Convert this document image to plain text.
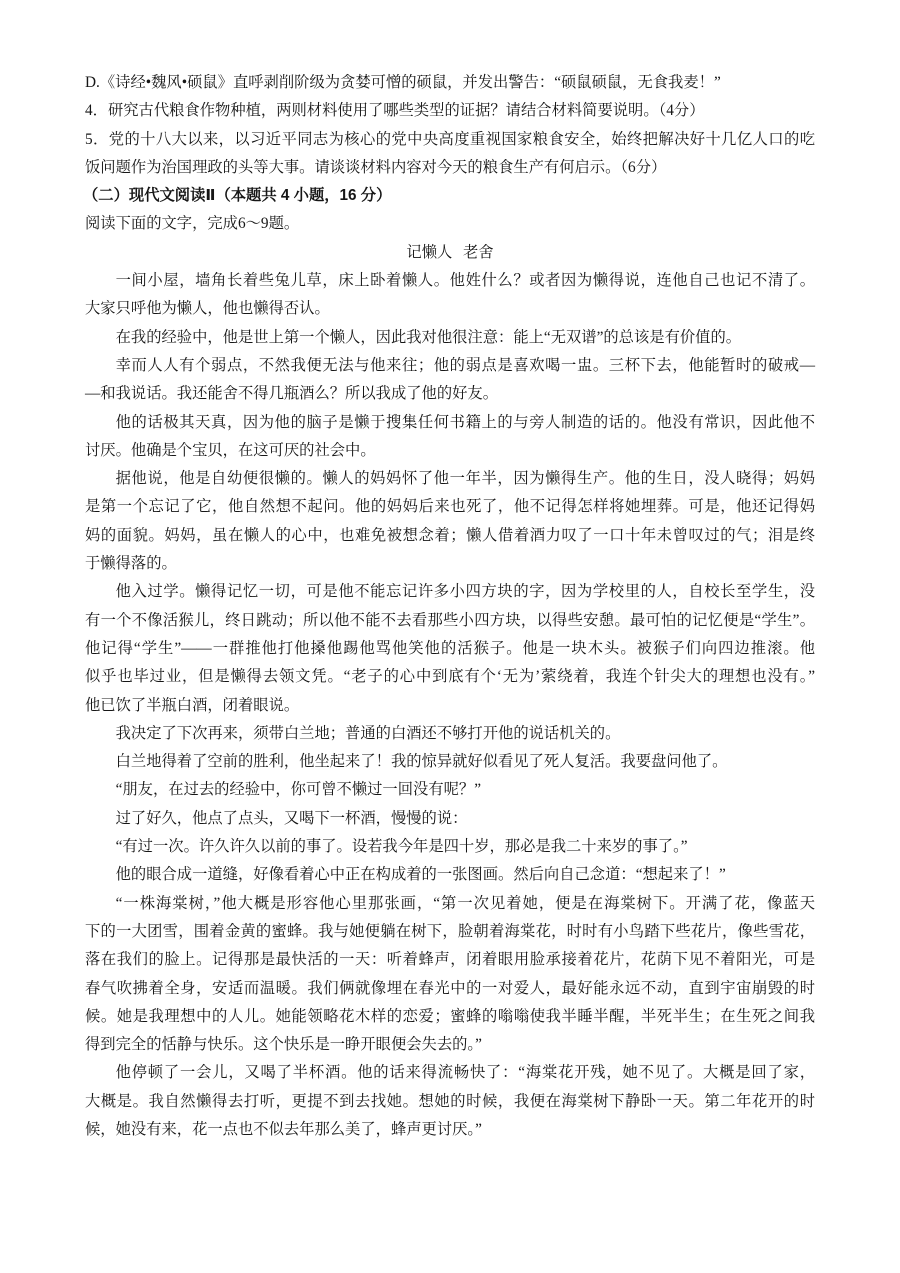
D.《诗经•魏风•硕鼠》直呼剥削阶级为贪婪可憎的硕鼠，并发出警告：“硕鼠硕鼠，无食我麦！”
4．研究古代粮食作物种植，两则材料使用了哪些类型的证据？请结合材料简要说明。（4分）
5．党的十八大以来，以习近平同志为核心的党中央高度重视国家粮食安全，始终把解决好十几亿人口的吃
饭问题作为治国理政的头等大事。请谈谈材料内容对今天的粮食生产有何启示。（6分）
（二）现代文阅读Ⅱ（本题共 4 小题，16 分）
阅读下面的文字，完成6～9题。
记懒人 老舍
一间小屋，墙角长着些兔儿草，床上卧着懒人。他姓什么？或者因为懒得说，连他自己也记不清了。
大家只呼他为懒人，他也懒得否认。
在我的经验中，他是世上第一个懒人，因此我对他很注意：能上“无双谱”的总该是有价值的。
幸而人人有个弱点，不然我便无法与他来往；他的弱点是喜欢喝一盅。三杯下去，他能暂时的破戒—
—和我说话。我还能舍不得几瓶酒么？所以我成了他的好友。
他的话极其天真，因为他的脑子是懒于搜集任何书籍上的与旁人制造的话的。他没有常识，因此他不
讨厌。他确是个宝贝，在这可厌的社会中。
据他说，他是自幼便很懒的。懒人的妈妈怀了他一年半，因为懒得生产。他的生日，没人晓得；妈妈
是第一个忘记了它，他自然想不起问。他的妈妈后来也死了，他不记得怎样将她埋葬。可是，他还记得妈
妈的面貌。妈妈，虽在懒人的心中，也难免被想念着；懒人借着酒力叹了一口十年未曾叹过的气；泪是终
于懒得落的。
他入过学。懒得记忆一切，可是他不能忘记许多小四方块的字，因为学校里的人，自校长至学生，没
有一个不像活猴儿，终日跳动；所以他不能不去看那些小四方块，以得些安憩。最可怕的记忆便是“学生”。
他记得“学生”——一群推他打他搡他踢他骂他笑他的活猴子。他是一块木头。被猴子们向四边推滚。他
似乎也毕过业，但是懒得去领文凭。“老子的心中到底有个‘无为’萦绕着，我连个针尖大的理想也没有。”
他已饮了半瓶白酒，闭着眼说。
我决定了下次再来，须带白兰地；普通的白酒还不够打开他的说话机关的。
白兰地得着了空前的胜利，他坐起来了！我的惊异就好似看见了死人复活。我要盘问他了。
“朋友，在过去的经验中，你可曾不懒过一回没有呢？”
过了好久，他点了点头，又喝下一杯酒，慢慢的说：
“有过一次。许久许久以前的事了。设若我今年是四十岁，那必是我二十来岁的事了。”
他的眼合成一道缝，好像看着心中正在构成着的一张图画。然后向自己念道：“想起来了！”
“一株海棠树，”他大概是形容他心里那张画，“第一次见着她，便是在海棠树下。开满了花，像蓝天
下的一大团雪，围着金黄的蜜蜂。我与她便躺在树下，脸朝着海棠花，时时有小鸟踏下些花片，像些雪花，
落在我们的脸上。记得那是最快活的一天：听着蜂声，闭着眼用脸承接着花片，花荫下见不着阳光，可是
春气吹拂着全身，安适而温暖。我们俩就像埋在春光中的一对爱人，最好能永远不动，直到宇宙崩毁的时
候。她是我理想中的人儿。她能领略花木样的恋爱；蜜蜂的嗡嗡使我半睡半醒，半死半生；在生死之间我
得到完全的恬静与快乐。这个快乐是一睁开眼便会失去的。”
他停顿了一会儿，又喝了半杯酒。他的话来得流畅快了：“海棠花开残，她不见了。大概是回了家，
大概是。我自然懒得去打听，更提不到去找她。想她的时候，我便在海棠树下静卧一天。第二年花开的时
候，她没有来，花一点也不似去年那么美了，蜂声更讨厌。”
